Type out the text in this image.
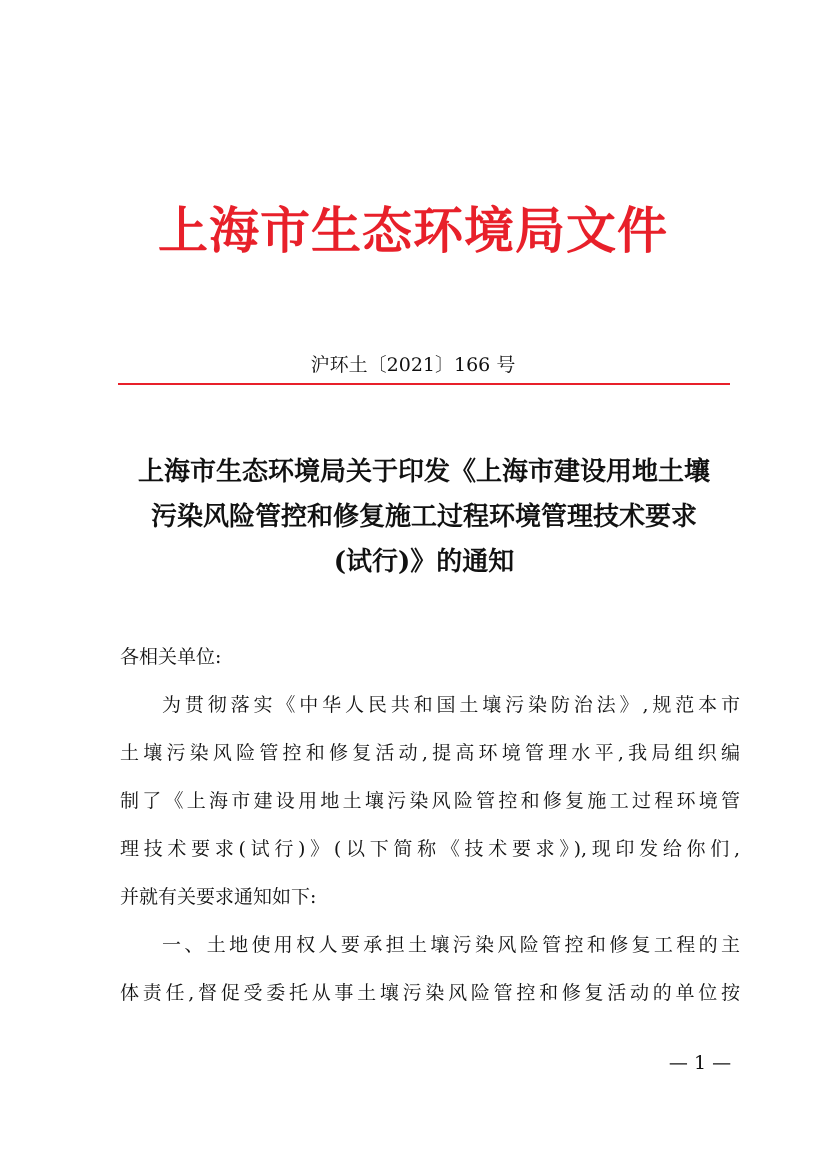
上海市生态环境局文件
沪环土〔2021〕166 号
上海市生态环境局关于印发《上海市建设用地土壤
污染风险管控和修复施工过程环境管理技术要求
(试行)》的通知
各相关单位:
为贯彻落实《中华人民共和国土壤污染防治法》,规范本市
土壤污染风险管控和修复活动,提高环境管理水平,我局组织编
制了《上海市建设用地土壤污染风险管控和修复施工过程环境管
理技术要求(试行)》(以下简称《技术要求》),现印发给你们,
并就有关要求通知如下:
一、土地使用权人要承担土壤污染风险管控和修复工程的主
体责任,督促受委托从事土壤污染风险管控和修复活动的单位按
— 1 —
